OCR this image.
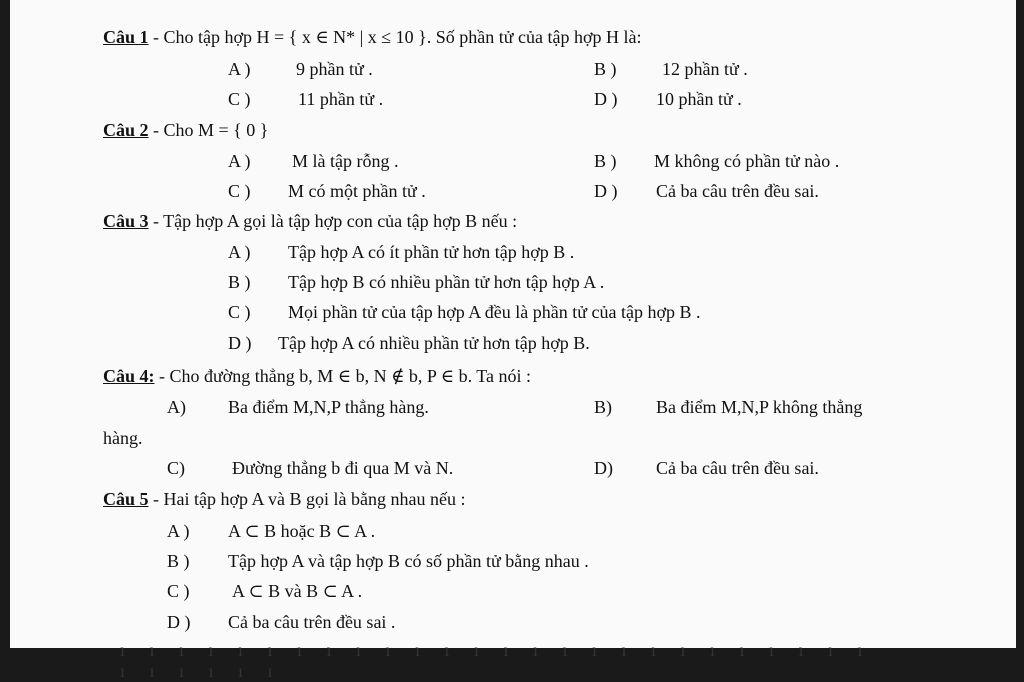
Câu 1 - Cho tập hợp H = { x ∈ N* | x ≤ 10 }. Số phần tử của tập hợp H là:
A )	9 phần tử .	B )	12 phần tử .
C )	11 phần tử .	D ) 10 phần tử .
Câu 2 - Cho M = { 0 }
A ) M là tập rỗng .	B ) M không có phần tử nào .
C ) M có một phần tử .	D ) Cả ba câu trên đều sai.
Câu 3 - Tập hợp A gọi là tập hợp con của tập hợp B nếu :
A ) Tập hợp A có ít phần tử hơn tập hợp B .
B ) Tập hợp B có nhiều phần tử hơn tập hợp A .
C ) Mọi phần tử của tập hợp A đều là phần tử của tập hợp B .
D ) Tập hợp A có nhiều phần tử hơn tập hợp B.
Câu 4: - Cho đường thẳng b, M ∈ b, N ∉ b, P ∈ b. Ta nói :
A) Ba điểm M,N,P thẳng hàng.	B) Ba điểm M,N,P không thẳng
hàng.
C)	Đường thẳng b đi qua M và N.	D) Cả ba câu trên đều sai.
Câu 5 - Hai tập hợp A và B gọi là bằng nhau nếu :
A ) A ⊂ B hoặc B ⊂ A .
B ) Tập hợp A và tập hợp B có số phần tử bằng nhau .
C ) A ⊂ B và B ⊂ A .
D ) Cả ba câu trên đều sai .
ı ı ı ı ı ı ı ı ı ı ı ı ı ı ı ı ı ı ı ı ı ı ı ı ı ı ı ı ı ı ı ı
